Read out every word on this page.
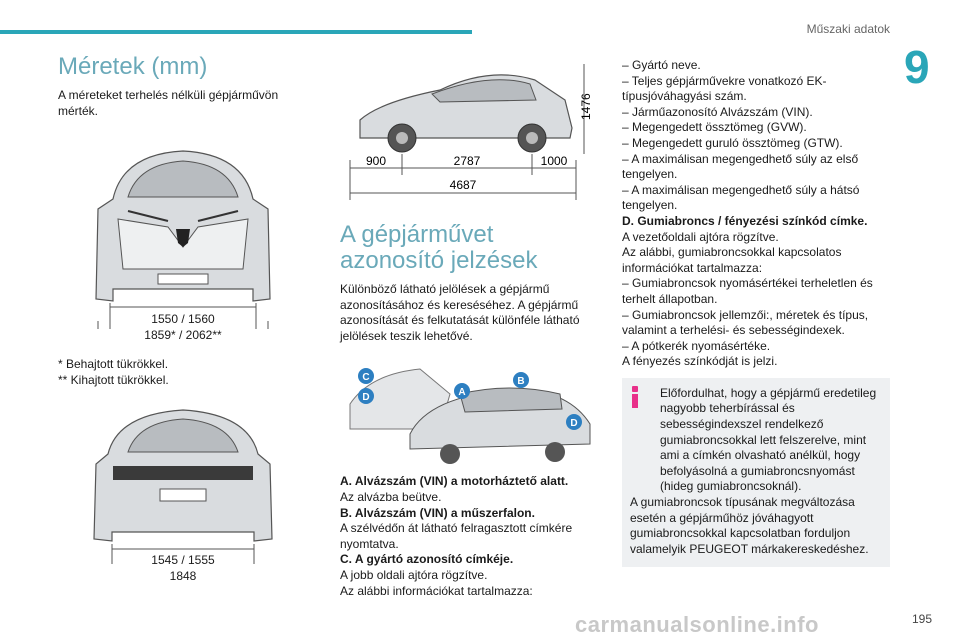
Műszaki adatok
9
Méretek (mm)
A méreteket terhelés nélküli gépjárművön mérték.
1550 / 1560
1859* / 2062**
* Behajtott tükrökkel.
** Kihajtott tükrökkel.
1545 / 1555
1848
1476
900	2787	1000
4687
A gépjárművet azonosító jelzések
Különböző látható jelölések a gépjármű azonosításához és kereséséhez. A gépjármű azonosítását és felkutatását különféle látható jelölések teszik lehetővé.
C
D	A
B
D
A. Alvázszám (VIN) a motorháztető alatt.
Az alvázba beütve.
B. Alvázszám (VIN) a műszerfalon.
A szélvédőn át látható felragasztott címkére nyomtatva.
C. A gyártó azonosító címkéje.
A jobb oldali ajtóra rögzítve.
Az alábbi információkat tartalmazza:
– Gyártó neve.
– Teljes gépjárművekre vonatkozó EK-típusjóváhagyási szám.
– Járműazonosító Alvázszám (VIN).
– Megengedett össztömeg (GVW).
– Megengedett guruló össztömeg (GTW).
– A maximálisan megengedhető súly az első tengelyen.
– A maximálisan megengedhető súly a hátsó tengelyen.
D. Gumiabroncs / fényezési színkód címke.
A vezetőoldali ajtóra rögzítve.
Az alábbi, gumiabroncsokkal kapcsolatos információkat tartalmazza:
– Gumiabroncsok nyomásértékei terheletlen és terhelt állapotban.
– Gumiabroncsok jellemzői:, méretek és típus, valamint a terhelési- és sebességindexek.
– A pótkerék nyomásértéke.
A fényezés színkódját is jelzi.
Előfordulhat, hogy a gépjármű eredetileg nagyobb teherbírással és sebességindexszel rendelkező gumiabroncsokkal lett felszerelve, mint ami a címkén olvasható anélkül, hogy befolyásolná a gumiabroncsnyomást (hideg gumiabroncsoknál).
A gumiabroncsok típusának megváltozása esetén a gépjárműhöz jóváhagyott gumiabroncsokkal kapcsolatban forduljon valamelyik PEUGEOT márkakereskedéshez.
carmanualsonline.info	195
